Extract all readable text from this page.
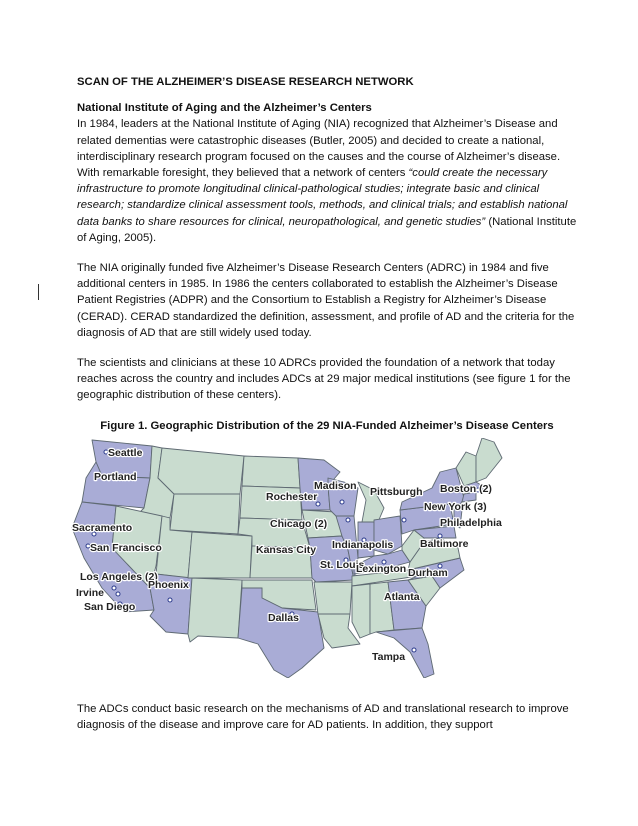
SCAN OF THE ALZHEIMER’S DISEASE RESEARCH NETWORK
National Institute of Aging and the Alzheimer’s Centers

In 1984, leaders at the National Institute of Aging (NIA) recognized that Alzheimer’s Disease and related dementias were catastrophic diseases (Butler, 2005) and decided to create a national, interdisciplinary research program focused on the causes and the course of Alzheimer’s disease. With remarkable foresight, they believed that a network of centers “could create the necessary infrastructure to promote longitudinal clinical-pathological studies; integrate basic and clinical research; standardize clinical assessment tools, methods, and clinical trials; and establish national data banks to share resources for clinical, neuropathological, and genetic studies” (National Institute of Aging, 2005).

The NIA originally funded five Alzheimer’s Disease Research Centers (ADRC) in 1984 and five additional centers in 1985. In 1986 the centers collaborated to establish the Alzheimer’s Disease Patient Registries (ADPR) and the Consortium to Establish a Registry for Alzheimer’s Disease (CERAD). CERAD standardized the definition, assessment, and profile of AD and the criteria for the diagnosis of AD that are still widely used today.

The scientists and clinicians at these 10 ADRCs provided the foundation of a network that today reaches across the country and includes ADCs at 29 major medical institutions (see figure 1 for the geographic distribution of these centers).

Figure 1. Geographic Distribution of the 29 NIA-Funded Alzheimer’s Disease Centers
Seattle
Portland
Sacramento
San Francisco
Los Angeles (2)
Irvine
San Diego
Phoenix
Dallas
Kansas City
Rochester
Madison
Chicago (2)
St. Louis
Indianapolis
Lexington
Pittsburgh Boston (2)
New York (3)
Philadelphia
Baltimore
Durham
Atlanta
Tampa
The ADCs conduct basic research on the mechanisms of AD and translational research to improve diagnosis of the disease and improve care for AD patients. In addition, they support
